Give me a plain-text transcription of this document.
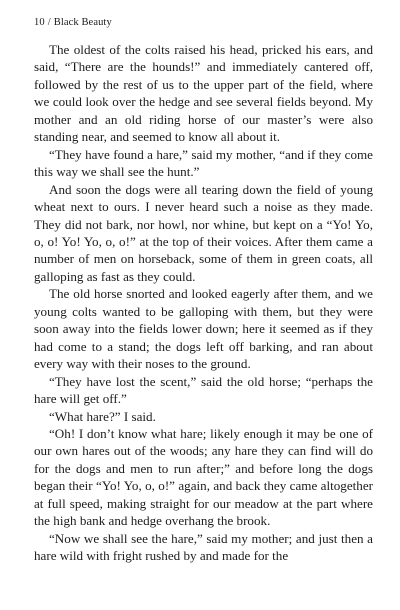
10 / Black Beauty

The oldest of the colts raised his head, pricked his ears, and said, “There are the hounds!” and immediately cantered off, followed by the rest of us to the upper part of the field, where we could look over the hedge and see several fields beyond. My mother and an old riding horse of our master’s were also standing near, and seemed to know all about it.

“They have found a hare,” said my mother, “and if they come this way we shall see the hunt.”

And soon the dogs were all tearing down the field of young wheat next to ours. I never heard such a noise as they made. They did not bark, nor howl, nor whine, but kept on a “Yo! Yo, o, o! Yo! Yo, o, o!” at the top of their voices. After them came a number of men on horseback, some of them in green coats, all galloping as fast as they could.

The old horse snorted and looked eagerly after them, and we young colts wanted to be galloping with them, but they were soon away into the fields lower down; here it seemed as if they had come to a stand; the dogs left off barking, and ran about every way with their noses to the ground.

“They have lost the scent,” said the old horse; “perhaps the hare will get off.”

“What hare?” I said.

“Oh! I don’t know what hare; likely enough it may be one of our own hares out of the woods; any hare they can find will do for the dogs and men to run after;” and before long the dogs began their “Yo! Yo, o, o!” again, and back they came altogether at full speed, making straight for our meadow at the part where the high bank and hedge overhang the brook.

“Now we shall see the hare,” said my mother; and just then a hare wild with fright rushed by and made for the
